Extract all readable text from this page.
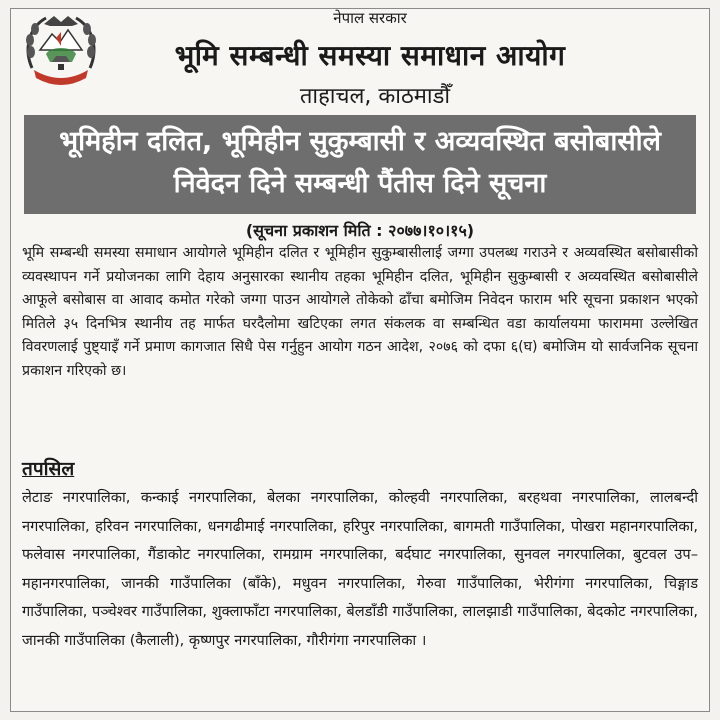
नेपाल सरकार
भूमि सम्बन्धी समस्या समाधान आयोग
ताहाचल, काठमाडौँ
भूमिहीन दलित, भूमिहीन सुकुम्बासी र अव्यवस्थित बसोबासीले
निवेदन दिने सम्बन्धी पैंतीस दिने सूचना
(सूचना प्रकाशन मिति : २०७७।१०।१५)
भूमि सम्बन्धी समस्या समाधान आयोगले भूमिहीन दलित र भूमिहीन सुकुम्बासीलाई जग्गा उपलब्ध गराउने र अव्यवस्थित बसोबासीको व्यवस्थापन गर्ने प्रयोजनका लागि देहाय अनुसारका स्थानीय तहका भूमिहीन दलित, भूमिहीन सुकुम्बासी र अव्यवस्थित बसोबासीले आफूले बसोबास वा आवाद कमोत गरेको जग्गा पाउन आयोगले तोकेको ढाँचा बमोजिम निवेदन फाराम भरि सूचना प्रकाशन भएको मितिले ३५ दिनभित्र स्थानीय तह मार्फत घरदैलोमा खटिएका लगत संकलक वा सम्बन्धित वडा कार्यालयमा फाराममा उल्लेखित विवरणलाई पुष्ट्याइँ गर्ने प्रमाण कागजात सिधै पेस गर्नुहुन आयोग गठन आदेश, २०७६ को दफा ६(घ) बमोजिम यो सार्वजनिक सूचना प्रकाशन गरिएको छ।
तपसिल
लेटाङ नगरपालिका, कन्काई नगरपालिका, बेलका नगरपालिका, कोल्हवी नगरपालिका, बरहथवा नगरपालिका, लालबन्दी नगरपालिका, हरिवन नगरपालिका, धनगढीमाई नगरपालिका, हरिपुर नगरपालिका, बागमती गाउँपालिका, पोखरा महानगरपालिका, फलेवास नगरपालिका, गैंडाकोट नगरपालिका, रामग्राम नगरपालिका, बर्दघाट नगरपालिका, सुनवल नगरपालिका, बुटवल उप–महानगरपालिका, जानकी गाउँपालिका (बाँके), मधुवन नगरपालिका, गेरुवा गाउँपालिका, भेरीगंगा नगरपालिका, चिङ्गाड गाउँपालिका, पञ्चेश्वर गाउँपालिका, शुक्लाफाँटा नगरपालिका, बेलडाँडी गाउँपालिका, लालझाडी गाउँपालिका, बेदकोट नगरपालिका, जानकी गाउँपालिका (कैलाली), कृष्णपुर नगरपालिका, गौरीगंगा नगरपालिका ।
